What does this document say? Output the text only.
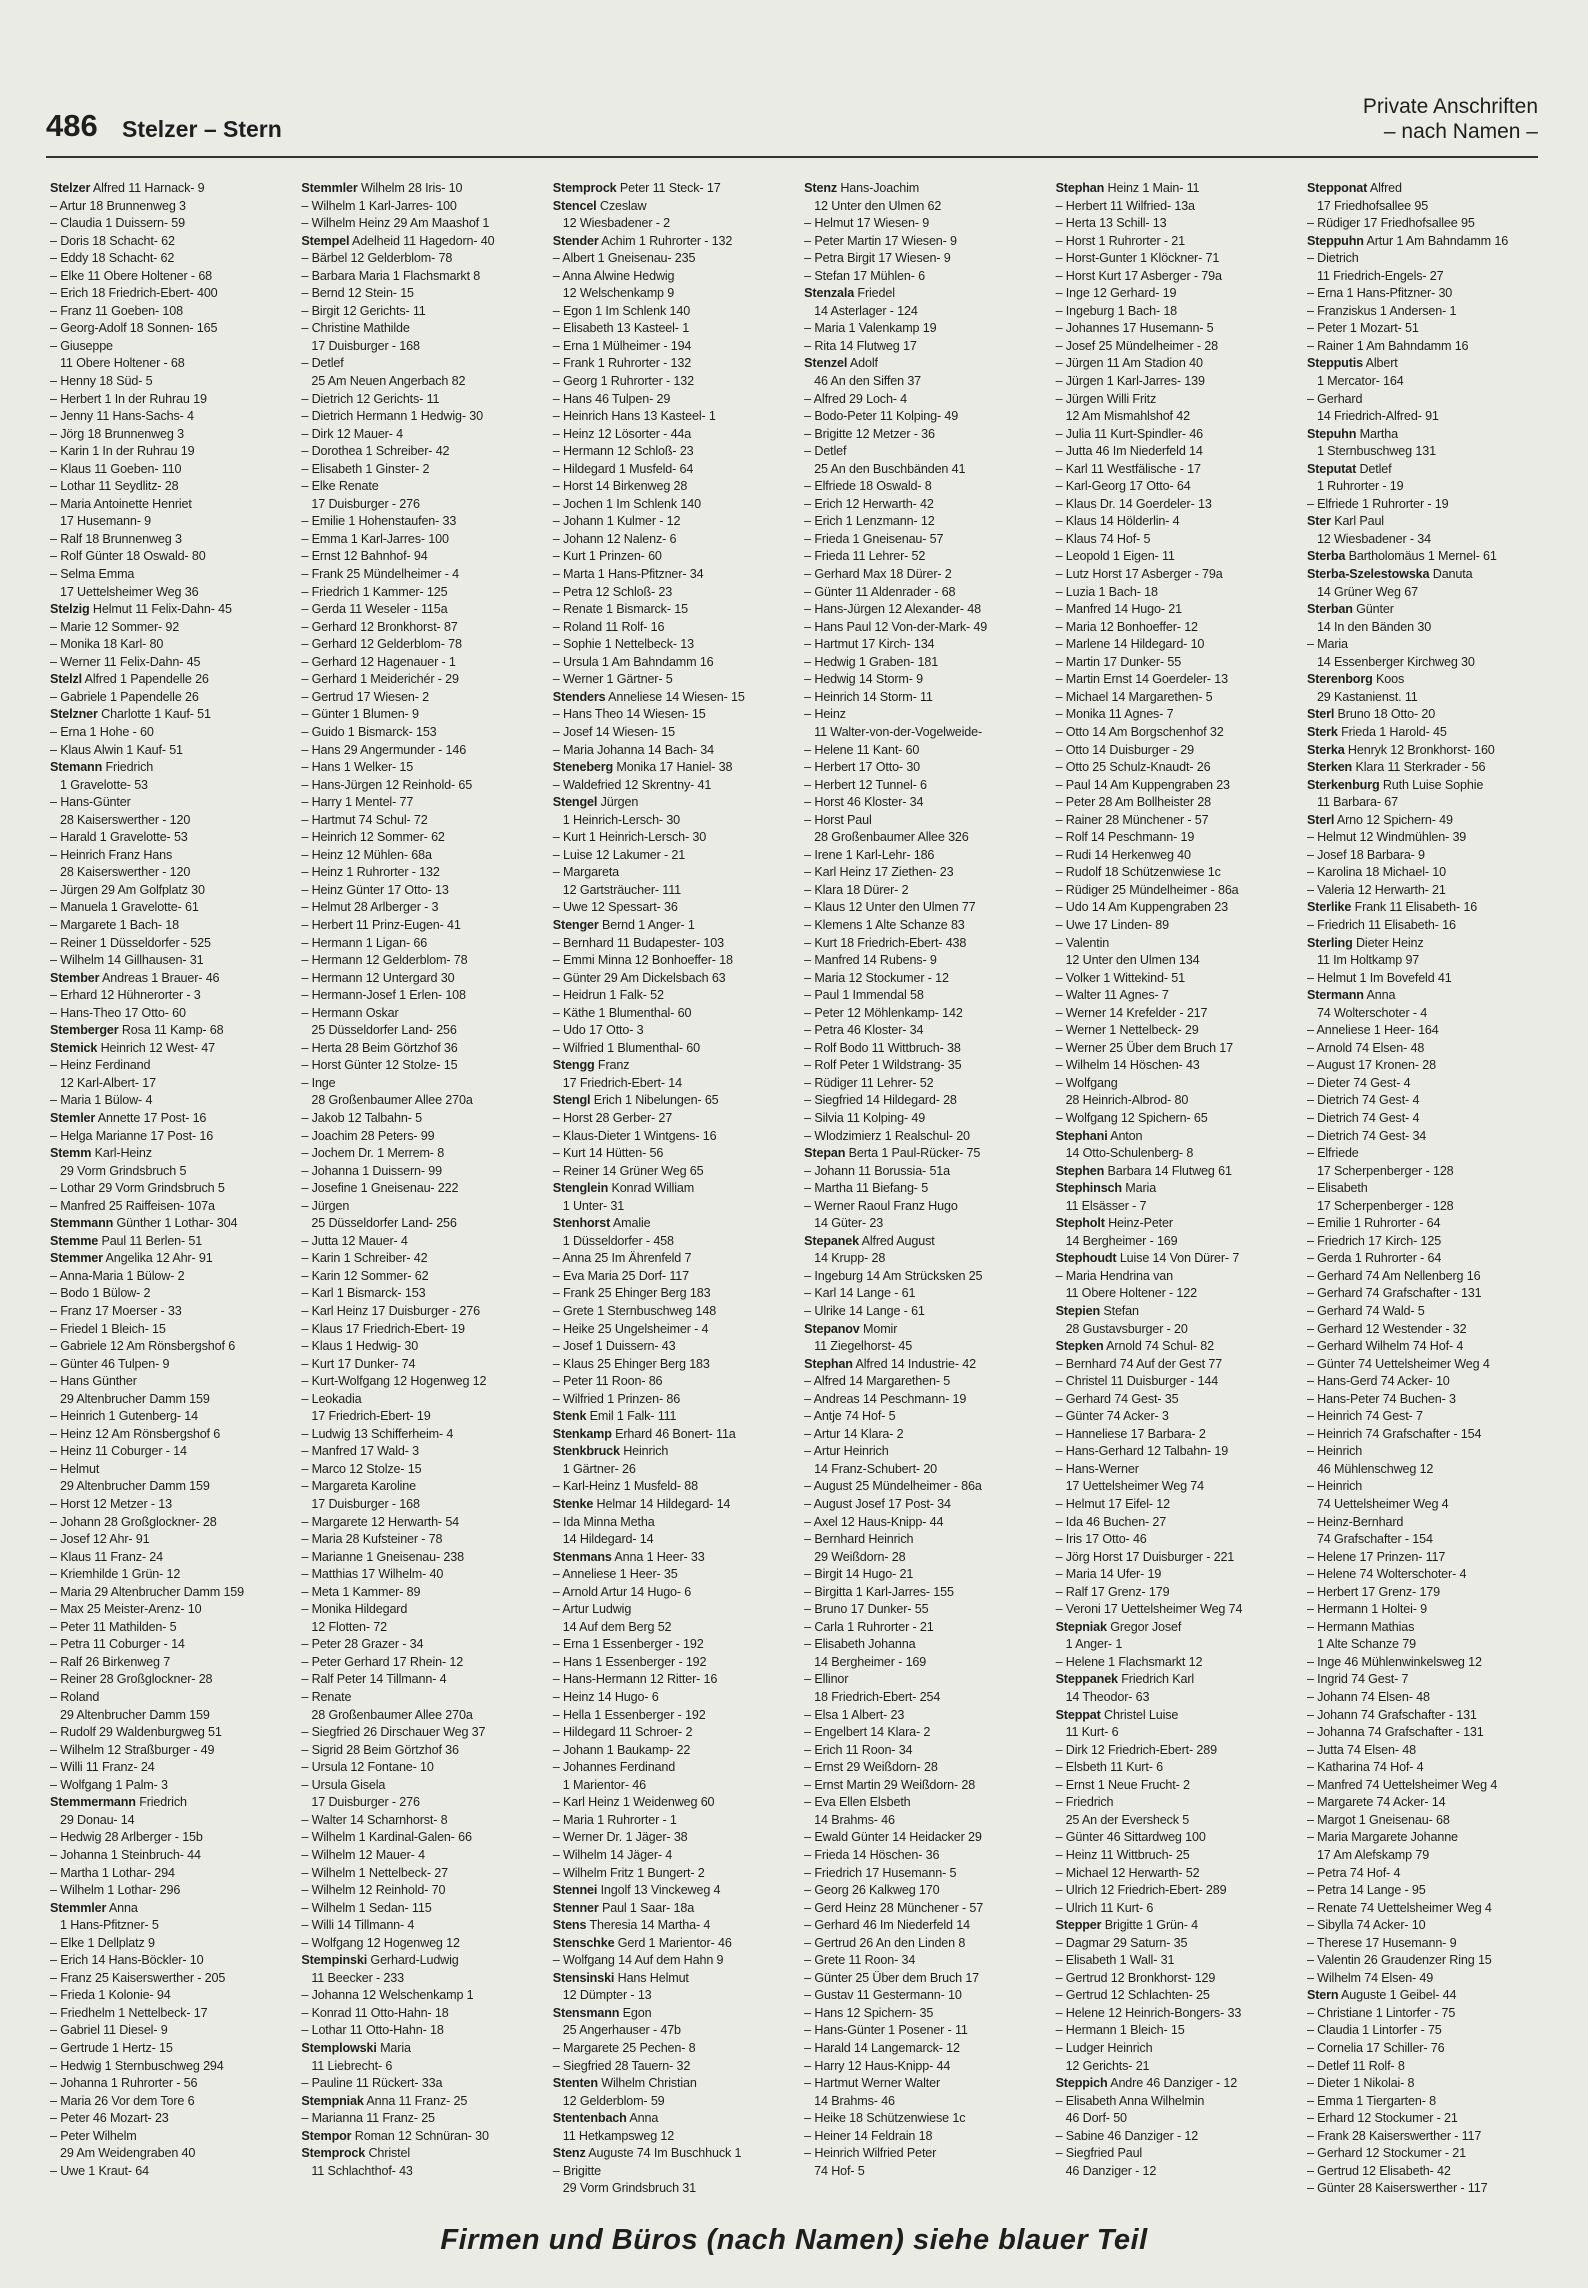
486 Stelzer – Stern
Private Anschriften
– nach Namen –
Stelzer Alfred 11 Harnack- 9
– Artur 18 Brunnenweg 3
– Claudia 1 Duissern- 59
– Doris 18 Schacht- 62
– Eddy 18 Schacht- 62
– Elke 11 Obere Holtener - 68
– Erich 18 Friedrich-Ebert- 400
– Franz 11 Goeben- 108
– Georg-Adolf 18 Sonnen- 165
– Giuseppe
11 Obere Holtener - 68
– Henny 18 Süd- 5
– Herbert 1 In der Ruhrau 19
– Jenny 11 Hans-Sachs- 4
– Jörg 18 Brunnenweg 3
– Karin 1 In der Ruhrau 19
– Klaus 11 Goeben- 110
– Lothar 11 Seydlitz- 28
– Maria Antoinette Henriet
17 Husemann- 9
– Ralf 18 Brunnenweg 3
– Rolf Günter 18 Oswald- 80
– Selma Emma
17 Uettelsheimer Weg 36
Stelzig Helmut 11 Felix-Dahn- 45
– Marie 12 Sommer- 92
– Monika 18 Karl- 80
– Werner 11 Felix-Dahn- 45
Stelzl Alfred 1 Papendelle 26
– Gabriele 1 Papendelle 26
Stelzner Charlotte 1 Kauf- 51
– Erna 1 Hohe - 60
– Klaus Alwin 1 Kauf- 51
Stemann Friedrich
1 Gravelotte- 53
– Hans-Günter
28 Kaiserswerther - 120
– Harald 1 Gravelotte- 53
– Heinrich Franz Hans
28 Kaiserswerther - 120
– Jürgen 29 Am Golfplatz 30
– Manuela 1 Gravelotte- 61
– Margarete 1 Bach- 18
– Reiner 1 Düsseldorfer - 525
– Wilhelm 14 Gillhausen- 31
Stember Andreas 1 Brauer- 46
– Erhard 12 Hühnerorter - 3
– Hans-Theo 17 Otto- 60
Stemberger Rosa 11 Kamp- 68
Stemick Heinrich 12 West- 47
– Heinz Ferdinand
12 Karl-Albert- 17
– Maria 1 Bülow- 4
Stemler Annette 17 Post- 16
– Helga Marianne 17 Post- 16
Stemm Karl-Heinz
29 Vorm Grindsbruch 5
– Lothar 29 Vorm Grindsbruch 5
– Manfred 25 Raiffeisen- 107a
Stemmann Günther 1 Lothar- 304
Stemme Paul 11 Berlen- 51
Stemmer Angelika 12 Ahr- 91
– Anna-Maria 1 Bülow- 2
– Bodo 1 Bülow- 2
– Franz 17 Moerser - 33
– Friedel 1 Bleich- 15
– Gabriele 12 Am Rönsbergshof 6
– Günter 46 Tulpen- 9
– Hans Günther
29 Altenbrucher Damm 159
– Heinrich 1 Gutenberg- 14
– Heinz 12 Am Rönsbergshof 6
– Heinz 11 Coburger - 14
– Helmut
29 Altenbrucher Damm 159
– Horst 12 Metzer - 13
– Johann 28 Großglockner- 28
– Josef 12 Ahr- 91
– Klaus 11 Franz- 24
– Kriemhilde 1 Grün- 12
– Maria 29 Altenbrucher Damm 159
– Max 25 Meister-Arenz- 10
– Peter 11 Mathilden- 5
– Petra 11 Coburger - 14
– Ralf 26 Birkenweg 7
– Reiner 28 Großglockner- 28
– Roland
29 Altenbrucher Damm 159
– Rudolf 29 Waldenburgweg 51
– Wilhelm 12 Straßburger - 49
– Willi 11 Franz- 24
– Wolfgang 1 Palm- 3
Stemmermann Friedrich
29 Donau- 14
– Hedwig 28 Arlberger - 15b
– Johanna 1 Steinbruch- 44
– Martha 1 Lothar- 294
– Wilhelm 1 Lothar- 296
Stemmler Anna
1 Hans-Pfitzner- 5
– Elke 1 Dellplatz 9
– Erich 14 Hans-Böckler- 10
– Franz 25 Kaiserswerther - 205
– Frieda 1 Kolonie- 94
– Friedhelm 1 Nettelbeck- 17
– Gabriel 11 Diesel- 9
– Gertrude 1 Hertz- 15
– Hedwig 1 Sternbuschweg 294
– Johanna 1 Ruhrorter - 56
– Maria 26 Vor dem Tore 6
– Peter 46 Mozart- 23
– Peter Wilhelm
29 Am Weidengraben 40
– Uwe 1 Kraut- 64
Stemmler Wilhelm 28 Iris- 10
– Wilhelm 1 Karl-Jarres- 100
– Wilhelm Heinz 29 Am Maashof 1
Stempel Adelheid 11 Hagedorn- 40
– Bärbel 12 Gelderblom- 78
– Barbara Maria 1 Flachsmarkt 8
– Bernd 12 Stein- 15
– Birgit 12 Gerichts- 11
– Christine Mathilde
17 Duisburger - 168
– Detlef
25 Am Neuen Angerbach 82
– Dietrich 12 Gerichts- 11
– Dietrich Hermann 1 Hedwig- 30
– Dirk 12 Mauer- 4
– Dorothea 1 Schreiber- 42
– Elisabeth 1 Ginster- 2
– Elke Renate
17 Duisburger - 276
– Emilie 1 Hohenstaufen- 33
– Emma 1 Karl-Jarres- 100
– Ernst 12 Bahnhof- 94
– Frank 25 Mündelheimer - 4
– Friedrich 1 Kammer- 125
– Gerda 11 Weseler - 115a
– Gerhard 12 Bronkhorst- 87
– Gerhard 12 Gelderblom- 78
– Gerhard 12 Hagenauer - 1
– Gerhard 1 Meiderichér - 29
– Gertrud 17 Wiesen- 2
– Günter 1 Blumen- 9
– Guido 1 Bismarck- 153
– Hans 29 Angermunder - 146
– Hans 1 Welker- 15
– Hans-Jürgen 12 Reinhold- 65
– Harry 1 Mentel- 77
– Hartmut 74 Schul- 72
– Heinrich 12 Sommer- 62
– Heinz 12 Mühlen- 68a
– Heinz 1 Ruhrorter - 132
– Heinz Günter 17 Otto- 13
– Helmut 28 Arlberger - 3
– Herbert 11 Prinz-Eugen- 41
– Hermann 1 Ligan- 66
– Hermann 12 Gelderblom- 78
– Hermann 12 Untergard 30
– Hermann-Josef 1 Erlen- 108
– Hermann Oskar
25 Düsseldorfer Land- 256
– Herta 28 Beim Görtzhof 36
– Horst Günter 12 Stolze- 15
– Inge
28 Großenbaumer Allee 270a
– Jakob 12 Talbahn- 5
– Joachim 28 Peters- 99
– Jochem Dr. 1 Merrem- 8
– Johanna 1 Duissern- 99
– Josefine 1 Gneisenau- 222
– Jürgen
25 Düsseldorfer Land- 256
– Jutta 12 Mauer- 4
– Karin 1 Schreiber- 42
– Karin 12 Sommer- 62
– Karl 1 Bismarck- 153
– Karl Heinz 17 Duisburger - 276
– Klaus 17 Friedrich-Ebert- 19
– Klaus 1 Hedwig- 30
– Kurt 17 Dunker- 74
– Kurt-Wolfgang 12 Hogenweg 12
– Leokadia
17 Friedrich-Ebert- 19
– Ludwig 13 Schifferheim- 4
– Manfred 17 Wald- 3
– Marco 12 Stolze- 15
– Margareta Karoline
17 Duisburger - 168
– Margarete 12 Herwarth- 54
– Maria 28 Kufsteiner - 78
– Marianne 1 Gneisenau- 238
– Matthias 17 Wilhelm- 40
– Meta 1 Kammer- 89
– Monika Hildegard
12 Flotten- 72
– Peter 28 Grazer - 34
– Peter Gerhard 17 Rhein- 12
– Ralf Peter 14 Tillmann- 4
– Renate
28 Großenbaumer Allee 270a
– Siegfried 26 Dirschauer Weg 37
– Sigrid 28 Beim Görtzhof 36
– Ursula 12 Fontane- 10
– Ursula Gisela
17 Duisburger - 276
– Walter 14 Scharnhorst- 8
– Wilhelm 1 Kardinal-Galen- 66
– Wilhelm 12 Mauer- 4
– Wilhelm 1 Nettelbeck- 27
– Wilhelm 12 Reinhold- 70
– Wilhelm 1 Sedan- 115
– Willi 14 Tillmann- 4
– Wolfgang 12 Hogenweg 12
Stempinski Gerhard-Ludwig
11 Beecker - 233
– Johanna 12 Welschenkamp 1
– Konrad 11 Otto-Hahn- 18
– Lothar 11 Otto-Hahn- 18
Stemplowski Maria
11 Liebrecht- 6
– Pauline 11 Rückert- 33a
Stempniak Anna 11 Franz- 25
– Marianna 11 Franz- 25
Stempor Roman 12 Schnüran- 30
Stemprock Christel
11 Schlachthof- 43
Stemprock Peter 11 Steck- 17
Stencel Czeslaw
12 Wiesbadener - 2
Stender Achim 1 Ruhrorter - 132
– Albert 1 Gneisenau- 235
– Anna Alwine Hedwig
12 Welschenkamp 9
– Egon 1 Im Schlenk 140
– Elisabeth 13 Kasteel- 1
– Erna 1 Mülheimer - 194
– Frank 1 Ruhrorter - 132
– Georg 1 Ruhrorter - 132
– Hans 46 Tulpen- 29
– Heinrich Hans 13 Kasteel- 1
– Heinz 12 Lösorter - 44a
– Hermann 12 Schloß- 23
– Hildegard 1 Musfeld- 64
– Horst 14 Birkenweg 28
– Jochen 1 Im Schlenk 140
– Johann 1 Kulmer - 12
– Johann 12 Nalenz- 6
– Kurt 1 Prinzen- 60
– Marta 1 Hans-Pfitzner- 34
– Petra 12 Schloß- 23
– Renate 1 Bismarck- 15
– Roland 11 Rolf- 16
– Sophie 1 Nettelbeck- 13
– Ursula 1 Am Bahndamm 16
– Werner 1 Gärtner- 5
Stenders Anneliese 14 Wiesen- 15
– Hans Theo 14 Wiesen- 15
– Josef 14 Wiesen- 15
– Maria Johanna 14 Bach- 34
Steneberg Monika 17 Haniel- 38
– Waldefried 12 Skrentny- 41
Stengel Jürgen
1 Heinrich-Lersch- 30
– Kurt 1 Heinrich-Lersch- 30
– Luise 12 Lakumer - 21
– Margareta
12 Gartsträucher- 111
– Uwe 12 Spessart- 36
Stenger Bernd 1 Anger- 1
– Bernhard 11 Budapester- 103
– Emmi Minna 12 Bonhoeffer- 18
– Günter 29 Am Dickelsbach 63
– Heidrun 1 Falk- 52
– Käthe 1 Blumenthal- 60
– Udo 17 Otto- 3
– Wilfried 1 Blumenthal- 60
Stengg Franz
17 Friedrich-Ebert- 14
Stengl Erich 1 Nibelungen- 65
– Horst 28 Gerber- 27
– Klaus-Dieter 1 Wintgens- 16
– Kurt 14 Hütten- 56
– Reiner 14 Grüner Weg 65
Stenglein Konrad William
1 Unter- 31
Stenhorst Amalie
1 Düsseldorfer - 458
– Anna 25 Im Ährenfeld 7
– Eva Maria 25 Dorf- 117
– Frank 25 Ehinger Berg 183
– Grete 1 Sternbuschweg 148
– Heike 25 Ungelsheimer - 4
– Josef 1 Duissern- 43
– Klaus 25 Ehinger Berg 183
– Peter 11 Roon- 86
– Wilfried 1 Prinzen- 86
Stenk Emil 1 Falk- 111
Stenkamp Erhard 46 Bonert- 11a
Stenkbruck Heinrich
1 Gärtner- 26
– Karl-Heinz 1 Musfeld- 88
Stenke Helmar 14 Hildegard- 14
– Ida Minna Metha
14 Hildegard- 14
Stenmans Anna 1 Heer- 33
– Anneliese 1 Heer- 35
– Arnold Artur 14 Hugo- 6
– Artur Ludwig
14 Auf dem Berg 52
– Erna 1 Essenberger - 192
– Hans 1 Essenberger - 192
– Hans-Hermann 12 Ritter- 16
– Heinz 14 Hugo- 6
– Hella 1 Essenberger - 192
– Hildegard 11 Schroer- 2
– Johann 1 Baukamp- 22
– Johannes Ferdinand
1 Marientor- 46
– Karl Heinz 1 Weidenweg 60
– Maria 1 Ruhrorter - 1
– Werner Dr. 1 Jäger- 38
– Wilhelm 14 Jäger- 4
– Wilhelm Fritz 1 Bungert- 2
Stennei Ingolf 13 Vinckeweg 4
Stenner Paul 1 Saar- 18a
Stens Theresia 14 Martha- 4
Stenschke Gerd 1 Marientor- 46
– Wolfgang 14 Auf dem Hahn 9
Stensinski Hans Helmut
12 Dümpter - 13
Stensmann Egon
25 Angerhauser - 47b
– Margarete 25 Pechen- 8
– Siegfried 28 Tauern- 32
Stenten Wilhelm Christian
12 Gelderblom- 59
Stentenbach Anna
11 Hetkampsweg 12
Stenz Auguste 74 Im Buschhuck 1
– Brigitte
29 Vorm Grindsbruch 31
Stenz Hans-Joachim
12 Unter den Ulmen 62
– Helmut 17 Wiesen- 9
– Peter Martin 17 Wiesen- 9
– Petra Birgit 17 Wiesen- 9
– Stefan 17 Mühlen- 6
Stenzala Friedel
14 Asterlager - 124
– Maria 1 Valenkamp 19
– Rita 14 Flutweg 17
Stenzel Adolf
46 An den Siffen 37
– Alfred 29 Loch- 4
– Bodo-Peter 11 Kolping- 49
– Brigitte 12 Metzer - 36
– Detlef
25 An den Buschbänden 41
– Elfriede 18 Oswald- 8
– Erich 12 Herwarth- 42
– Erich 1 Lenzmann- 12
– Frieda 1 Gneisenau- 57
– Frieda 11 Lehrer- 52
– Gerhard Max 18 Dürer- 2
– Günter 11 Aldenrader - 68
– Hans-Jürgen 12 Alexander- 48
– Hans Paul 12 Von-der-Mark- 49
– Hartmut 17 Kirch- 134
– Hedwig 1 Graben- 181
– Hedwig 14 Storm- 9
– Heinrich 14 Storm- 11
– Heinz
11 Walter-von-der-Vogelweide-
– Helene 11 Kant- 60
– Herbert 17 Otto- 30
– Herbert 12 Tunnel- 6
– Horst 46 Kloster- 34
– Horst Paul
28 Großenbaumer Allee 326
– Irene 1 Karl-Lehr- 186
– Karl Heinz 17 Ziethen- 23
– Klara 18 Dürer- 2
– Klaus 12 Unter den Ulmen 77
– Klemens 1 Alte Schanze 83
– Kurt 18 Friedrich-Ebert- 438
– Manfred 14 Rubens- 9
– Maria 12 Stockumer - 12
– Paul 1 Immendal 58
– Peter 12 Möhlenkamp- 142
– Petra 46 Kloster- 34
– Rolf Bodo 11 Wittbruch- 38
– Rolf Peter 1 Wildstrang- 35
– Rüdiger 11 Lehrer- 52
– Siegfried 14 Hildegard- 28
– Silvia 11 Kolping- 49
– Wlodzimierz 1 Realschul- 20
Stepan Berta 1 Paul-Rücker- 75
– Johann 11 Borussia- 51a
– Martha 11 Biefang- 5
– Werner Raoul Franz Hugo
14 Güter- 23
Stepanek Alfred August
14 Krupp- 28
– Ingeburg 14 Am Strücksken 25
– Karl 14 Lange - 61
– Ulrike 14 Lange - 61
Stepanov Momir
11 Ziegelhorst- 45
Stephan Alfred 14 Industrie- 42
– Alfred 14 Margarethen- 5
– Andreas 14 Peschmann- 19
– Antje 74 Hof- 5
– Artur 14 Klara- 2
– Artur Heinrich
14 Franz-Schubert- 20
– August 25 Mündelheimer - 86a
– August Josef 17 Post- 34
– Axel 12 Haus-Knipp- 44
– Bernhard Heinrich
29 Weißdorn- 28
– Birgit 14 Hugo- 21
– Birgitta 1 Karl-Jarres- 155
– Bruno 17 Dunker- 55
– Carla 1 Ruhrorter - 21
– Elisabeth Johanna
14 Bergheimer - 169
– Ellinor
18 Friedrich-Ebert- 254
– Elsa 1 Albert- 23
– Engelbert 14 Klara- 2
– Erich 11 Roon- 34
– Ernst 29 Weißdorn- 28
– Ernst Martin 29 Weißdorn- 28
– Eva Ellen Elsbeth
14 Brahms- 46
– Ewald Günter 14 Heidacker 29
– Frieda 14 Höschen- 36
– Friedrich 17 Husemann- 5
– Georg 26 Kalkweg 170
– Gerd Heinz 28 Münchener - 57
– Gerhard 46 Im Niederfeld 14
– Gertrud 26 An den Linden 8
– Grete 11 Roon- 34
– Günter 25 Über dem Bruch 17
– Gustav 11 Gestermann- 10
– Hans 12 Spichern- 35
– Hans-Günter 1 Posener - 11
– Harald 14 Langemarck- 12
– Harry 12 Haus-Knipp- 44
– Hartmut Werner Walter
14 Brahms- 46
– Heike 18 Schützenwiese 1c
– Heiner 14 Feldrain 18
– Heinrich Wilfried Peter
74 Hof- 5
Stephan Heinz 1 Main- 11
– Herbert 11 Wilfried- 13a
– Herta 13 Schill- 13
– Horst 1 Ruhrorter - 21
– Horst-Gunter 1 Klöckner- 71
– Horst Kurt 17 Asberger - 79a
– Inge 12 Gerhard- 19
– Ingeburg 1 Bach- 18
– Johannes 17 Husemann- 5
– Josef 25 Mündelheimer - 28
– Jürgen 11 Am Stadion 40
– Jürgen 1 Karl-Jarres- 139
– Jürgen Willi Fritz
12 Am Mismahlshof 42
– Julia 11 Kurt-Spindler- 46
– Jutta 46 Im Niederfeld 14
– Karl 11 Westfälische - 17
– Karl-Georg 17 Otto- 64
– Klaus Dr. 14 Goerdeler- 13
– Klaus 14 Hölderlin- 4
– Klaus 74 Hof- 5
– Leopold 1 Eigen- 11
– Lutz Horst 17 Asberger - 79a
– Luzia 1 Bach- 18
– Manfred 14 Hugo- 21
– Maria 12 Bonhoeffer- 12
– Marlene 14 Hildegard- 10
– Martin 17 Dunker- 55
– Martin Ernst 14 Goerdeler- 13
– Michael 14 Margarethen- 5
– Monika 11 Agnes- 7
– Otto 14 Am Borgschenhof 32
– Otto 14 Duisburger - 29
– Otto 25 Schulz-Knaudt- 26
– Paul 14 Am Kuppengraben 23
– Peter 28 Am Bollheister 28
– Rainer 28 Münchener - 57
– Rolf 14 Peschmann- 19
– Rudi 14 Herkenweg 40
– Rudolf 18 Schützenwiese 1c
– Rüdiger 25 Mündelheimer - 86a
– Udo 14 Am Kuppengraben 23
– Uwe 17 Linden- 89
– Valentin
12 Unter den Ulmen 134
– Volker 1 Wittekind- 51
– Walter 11 Agnes- 7
– Werner 14 Krefelder - 217
– Werner 1 Nettelbeck- 29
– Werner 25 Über dem Bruch 17
– Wilhelm 14 Höschen- 43
– Wolfgang
28 Heinrich-Albrod- 80
– Wolfgang 12 Spichern- 65
Stephani Anton
14 Otto-Schulenberg- 8
Stephen Barbara 14 Flutweg 61
Stephinsch Maria
11 Elsässer - 7
Stepholt Heinz-Peter
14 Bergheimer - 169
Stephoudt Luise 14 Von Dürer- 7
– Maria Hendrina van
11 Obere Holtener - 122
Stepien Stefan
28 Gustavsburger - 20
Stepken Arnold 74 Schul- 82
– Bernhard 74 Auf der Gest 77
– Christel 11 Duisburger - 144
– Gerhard 74 Gest- 35
– Günter 74 Acker- 3
– Hanneliese 17 Barbara- 2
– Hans-Gerhard 12 Talbahn- 19
– Hans-Werner
17 Uettelsheimer Weg 74
– Helmut 17 Eifel- 12
– Ida 46 Buchen- 27
– Iris 17 Otto- 46
– Jörg Horst 17 Duisburger - 221
– Maria 14 Ufer- 19
– Ralf 17 Grenz- 179
– Veroni 17 Uettelsheimer Weg 74
Stepniak Gregor Josef
1 Anger- 1
– Helene 1 Flachsmarkt 12
Steppanek Friedrich Karl
14 Theodor- 63
Steppat Christel Luise
11 Kurt- 6
– Dirk 12 Friedrich-Ebert- 289
– Elsbeth 11 Kurt- 6
– Ernst 1 Neue Frucht- 2
– Friedrich
25 An der Eversheck 5
– Günter 46 Sittardweg 100
– Heinz 11 Wittbruch- 25
– Michael 12 Herwarth- 52
– Ulrich 12 Friedrich-Ebert- 289
– Ulrich 11 Kurt- 6
Stepper Brigitte 1 Grün- 4
– Dagmar 29 Saturn- 35
– Elisabeth 1 Wall- 31
– Gertrud 12 Bronkhorst- 129
– Gertrud 12 Schlachten- 25
– Helene 12 Heinrich-Bongers- 33
– Hermann 1 Bleich- 15
– Ludger Heinrich
12 Gerichts- 21
Steppich Andre 46 Danziger - 12
– Elisabeth Anna Wilhelmin
46 Dorf- 50
– Sabine 46 Danziger - 12
– Siegfried Paul
46 Danziger - 12
Stepponat Alfred
17 Friedhofsallee 95
– Rüdiger 17 Friedhofsallee 95
Steppuhn Artur 1 Am Bahndamm 16
– Dietrich
11 Friedrich-Engels- 27
– Erna 1 Hans-Pfitzner- 30
– Franziskus 1 Andersen- 1
– Peter 1 Mozart- 51
– Rainer 1 Am Bahndamm 16
Stepputis Albert
1 Mercator- 164
– Gerhard
14 Friedrich-Alfred- 91
Stepuhn Martha
1 Sternbuschweg 131
Steputat Detlef
1 Ruhrorter - 19
– Elfriede 1 Ruhrorter - 19
Ster Karl Paul
12 Wiesbadener - 34
Sterba Bartholomäus 1 Mernel- 61
Sterba-Szelestowska Danuta
14 Grüner Weg 67
Sterban Günter
14 In den Bänden 30
– Maria
14 Essenberger Kirchweg 30
Sterenborg Koos
29 Kastanienst. 11
Sterl Bruno 18 Otto- 20
Sterk Frieda 1 Harold- 45
Sterka Henryk 12 Bronkhorst- 160
Sterken Klara 11 Sterkrader - 56
Sterkenburg Ruth Luise Sophie
11 Barbara- 67
Sterl Arno 12 Spichern- 49
– Helmut 12 Windmühlen- 39
– Josef 18 Barbara- 9
– Karolina 18 Michael- 10
– Valeria 12 Herwarth- 21
Sterlike Frank 11 Elisabeth- 16
– Friedrich 11 Elisabeth- 16
Sterling Dieter Heinz
11 Im Holtkamp 97
– Helmut 1 Im Bovefeld 41
Stermann Anna
74 Wolterschoter - 4
– Anneliese 1 Heer- 164
– Arnold 74 Elsen- 48
– August 17 Kronen- 28
– Dieter 74 Gest- 4
– Dietrich 74 Gest- 4
– Dietrich 74 Gest- 4
– Dietrich 74 Gest- 34
– Elfriede
17 Scherpenberger - 128
– Elisabeth
17 Scherpenberger - 128
– Emilie 1 Ruhrorter - 64
– Friedrich 17 Kirch- 125
– Gerda 1 Ruhrorter - 64
– Gerhard 74 Am Nellenberg 16
– Gerhard 74 Grafschafter - 131
– Gerhard 74 Wald- 5
– Gerhard 12 Westender - 32
– Gerhard Wilhelm 74 Hof- 4
– Günter 74 Uettelsheimer Weg 4
– Hans-Gerd 74 Acker- 10
– Hans-Peter 74 Buchen- 3
– Heinrich 74 Gest- 7
– Heinrich 74 Grafschafter - 154
– Heinrich
46 Mühlenschweg 12
– Heinrich
74 Uettelsheimer Weg 4
– Heinz-Bernhard
74 Grafschafter - 154
– Helene 17 Prinzen- 117
– Helene 74 Wolterschoter- 4
– Herbert 17 Grenz- 179
– Hermann 1 Holtei- 9
– Hermann Mathias
1 Alte Schanze 79
– Inge 46 Mühlenwinkelsweg 12
– Ingrid 74 Gest- 7
– Johann 74 Elsen- 48
– Johann 74 Grafschafter - 131
– Johanna 74 Grafschafter - 131
– Jutta 74 Elsen- 48
– Katharina 74 Hof- 4
– Manfred 74 Uettelsheimer Weg 4
– Margarete 74 Acker- 14
– Margot 1 Gneisenau- 68
– Maria Margarete Johanne
17 Am Alefskamp 79
– Petra 74 Hof- 4
– Petra 14 Lange - 95
– Renate 74 Uettelsheimer Weg 4
– Sibylla 74 Acker- 10
– Therese 17 Husemann- 9
– Valentin 26 Graudenzer Ring 15
– Wilhelm 74 Elsen- 49
Stern Auguste 1 Geibel- 44
– Christiane 1 Lintorfer - 75
– Claudia 1 Lintorfer - 75
– Cornelia 17 Schiller- 76
– Detlef 11 Rolf- 8
– Dieter 1 Nikolai- 8
– Emma 1 Tiergarten- 8
– Erhard 12 Stockumer - 21
– Frank 28 Kaiserswerther - 117
– Gerhard 12 Stockumer - 21
– Gertrud 12 Elisabeth- 42
– Günter 28 Kaiserswerther - 117
Firmen und Büros (nach Namen) siehe blauer Teil
